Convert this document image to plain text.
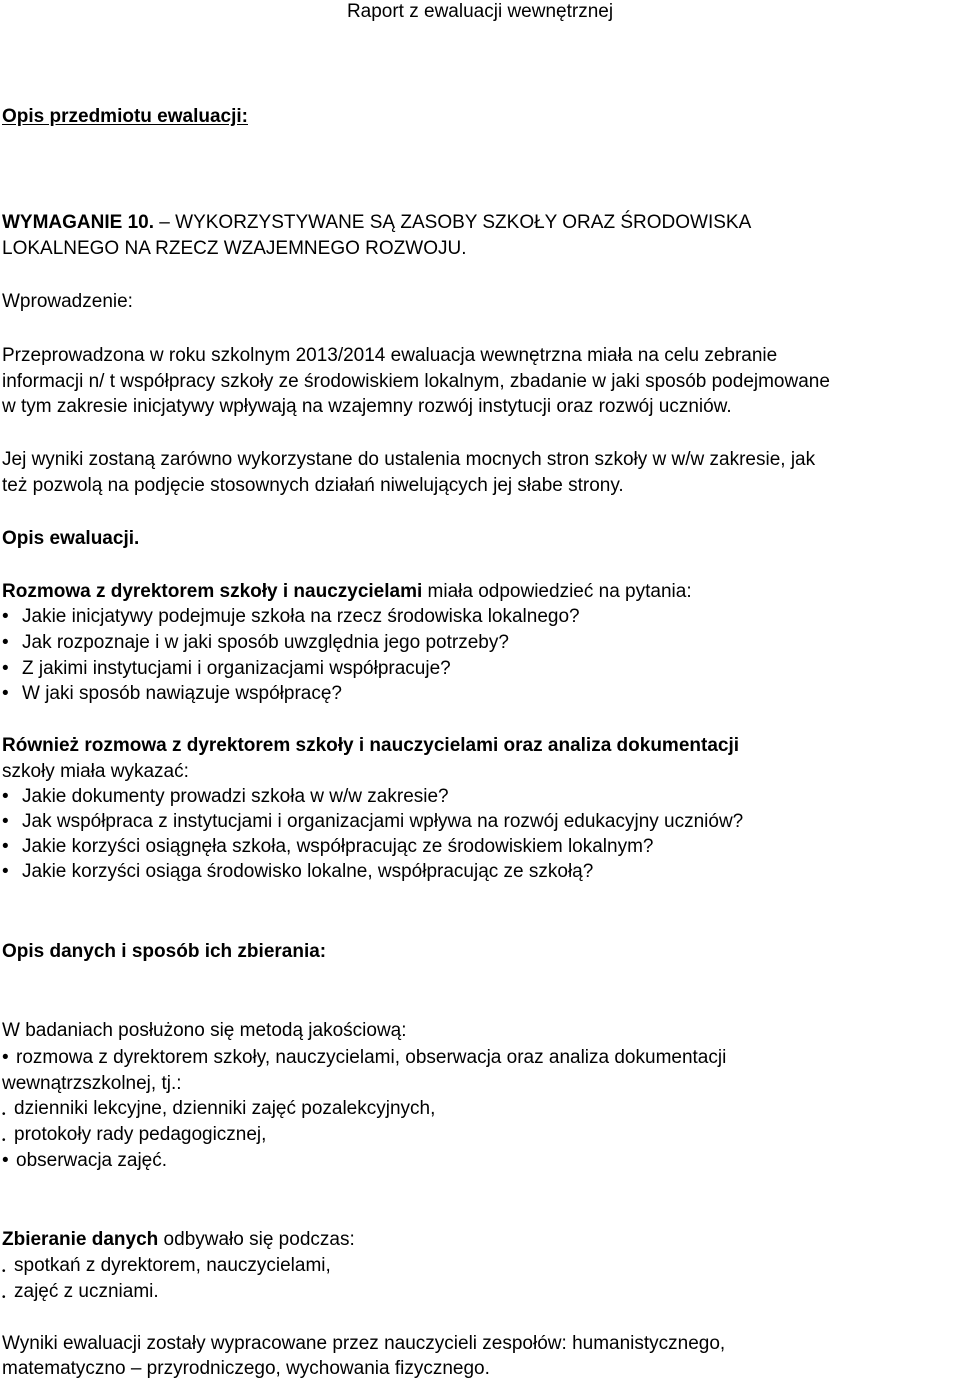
Raport z ewaluacji wewnętrznej
Opis przedmiotu ewaluacji:
WYMAGANIE 10. – WYKORZYSTYWANE SĄ ZASOBY SZKOŁY ORAZ ŚRODOWISKA
LOKALNEGO NA RZECZ WZAJEMNEGO ROZWOJU.
Wprowadzenie:
Przeprowadzona w roku szkolnym 2013/2014 ewaluacja wewnętrzna miała na celu zebranie
informacji n/ t współpracy szkoły ze środowiskiem lokalnym, zbadanie w jaki sposób podejmowane
w tym zakresie inicjatywy wpływają na wzajemny rozwój instytucji oraz rozwój uczniów.
Jej wyniki zostaną zarówno wykorzystane do ustalenia mocnych stron szkoły w w/w zakresie, jak
też pozwolą na podjęcie stosownych działań niwelujących jej słabe strony.
Opis ewaluacji.
Rozmowa z dyrektorem szkoły i nauczycielami miała odpowiedzieć na pytania:
• Jakie inicjatywy podejmuje szkoła na rzecz środowiska lokalnego?
• Jak rozpoznaje i w jaki sposób uwzględnia jego potrzeby?
• Z jakimi instytucjami i organizacjami współpracuje?
• W jaki sposób nawiązuje współpracę?
Również rozmowa z dyrektorem szkoły i nauczycielami oraz analiza dokumentacji
szkoły miała wykazać:
• Jakie dokumenty prowadzi szkoła w w/w zakresie?
• Jak współpraca z instytucjami i organizacjami wpływa na rozwój edukacyjny uczniów?
• Jakie korzyści osiągnęła szkoła, współpracując ze środowiskiem lokalnym?
• Jakie korzyści osiąga środowisko lokalne, współpracując ze szkołą?
Opis danych i sposób ich zbierania:
W badaniach posłużono się metodą jakościową:
• rozmowa z dyrektorem szkoły, nauczycielami, obserwacja oraz analiza dokumentacji
wewnątrzszkolnej, tj.:
• dzienniki lekcyjne, dzienniki zajęć pozalekcyjnych,
• protokoły rady pedagogicznej,
• obserwacja zajęć.
Zbieranie danych odbywało się podczas:
• spotkań z dyrektorem, nauczycielami,
• zajęć z uczniami.
Wyniki ewaluacji zostały wypracowane przez nauczycieli zespołów: humanistycznego,
matematyczno – przyrodniczego, wychowania fizycznego.
